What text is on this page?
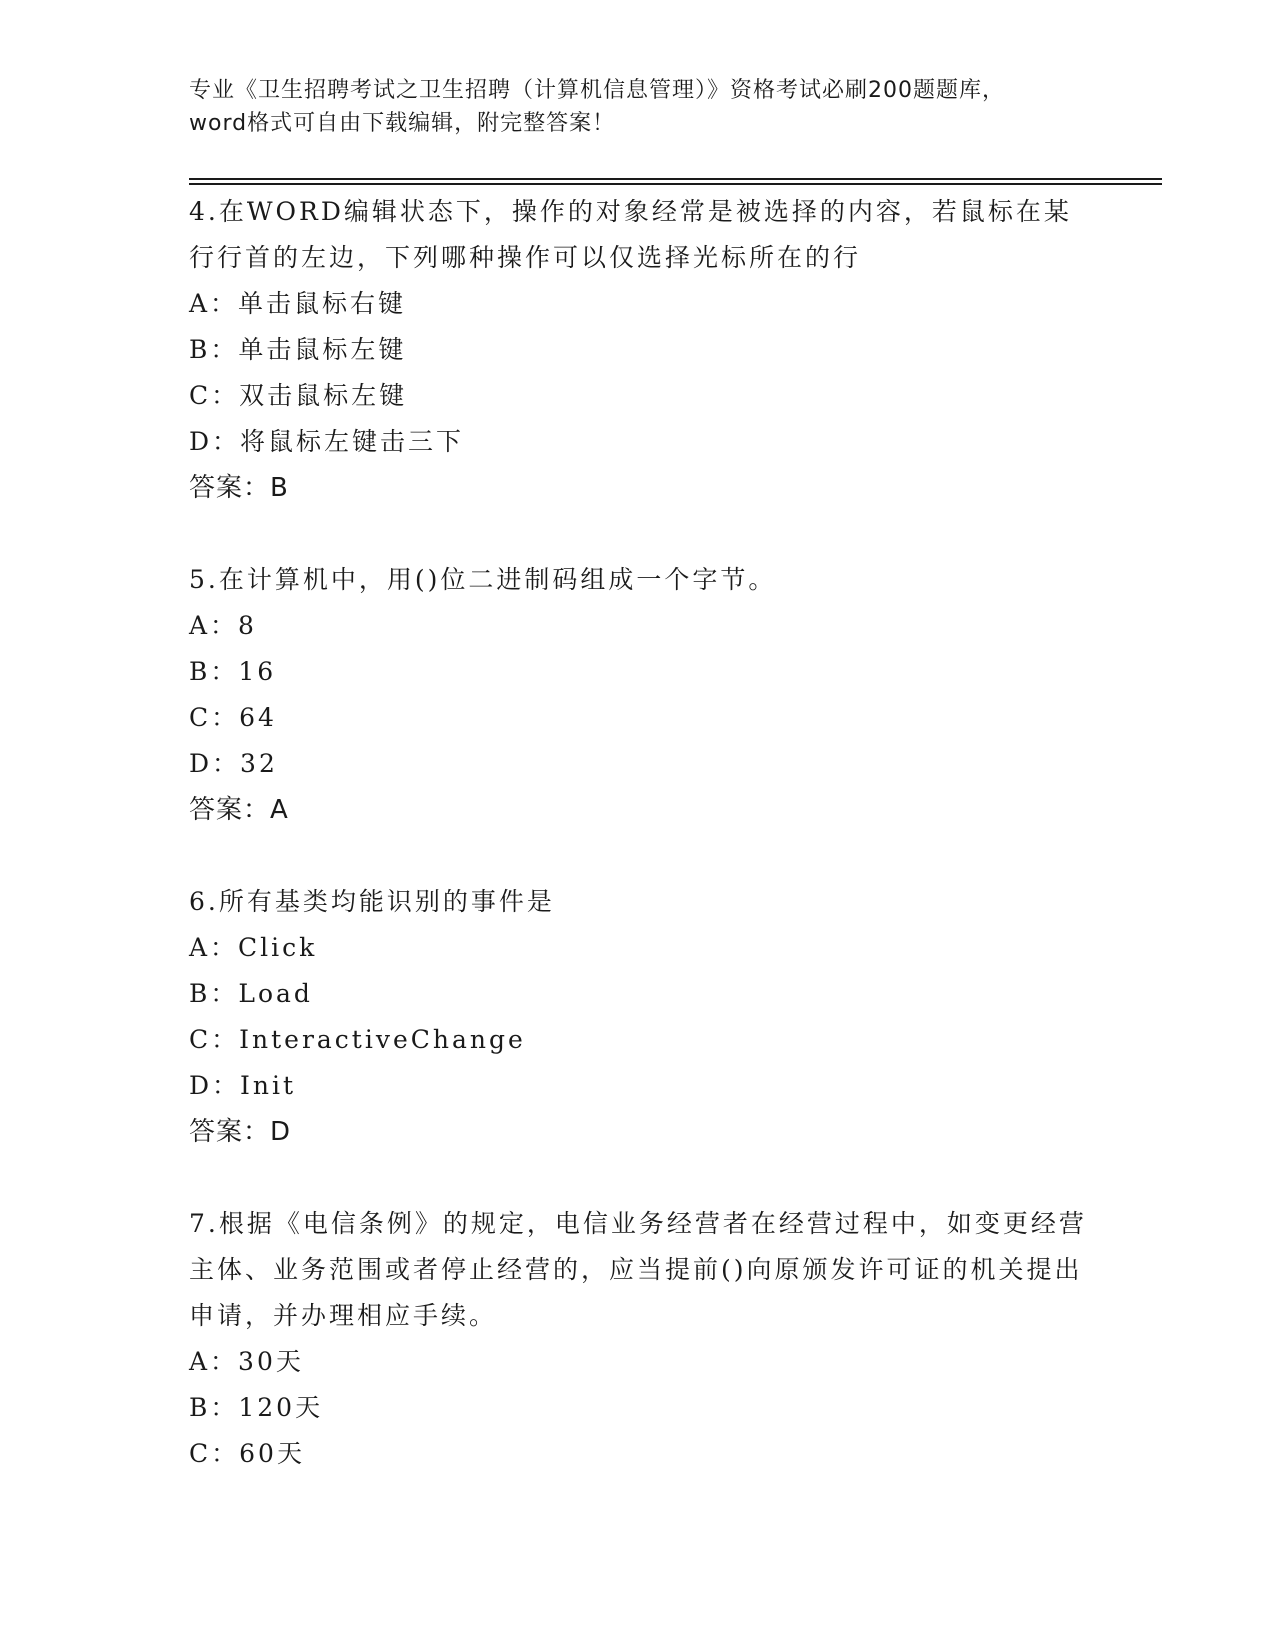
专业《卫生招聘考试之卫生招聘（计算机信息管理）》资格考试必刷200题题库，
word格式可自由下载编辑，附完整答案！
4.在WORD编辑状态下，操作的对象经常是被选择的内容，若鼠标在某行行首的左边，下列哪种操作可以仅选择光标所在的行
A：单击鼠标右键
B：单击鼠标左键
C：双击鼠标左键
D：将鼠标左键击三下
答案：B
5.在计算机中，用()位二进制码组成一个字节。
A：8
B：16
C：64
D：32
答案：A
6.所有基类均能识别的事件是
A：Click
B：Load
C：InteractiveChange
D：Init
答案：D
7.根据《电信条例》的规定，电信业务经营者在经营过程中，如变更经营主体、业务范围或者停止经营的，应当提前()向原颁发许可证的机关提出申请，并办理相应手续。
A：30天
B：120天
C：60天
